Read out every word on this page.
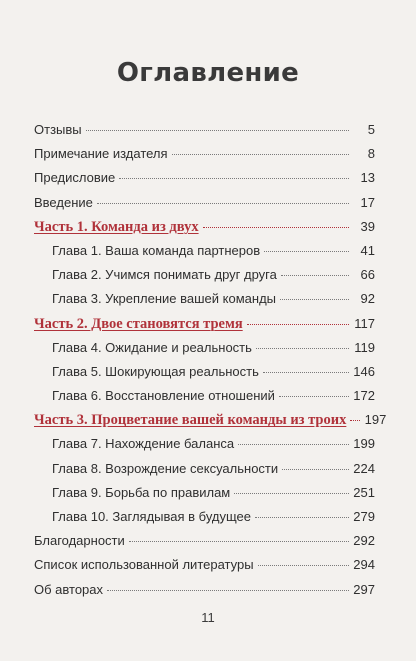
Оглавление
Отзывы	5
Примечание издателя	8
Предисловие	13
Введение	17
Часть 1. Команда из двух	39
Глава 1. Ваша команда партнеров	41
Глава 2. Учимся понимать друг друга	66
Глава 3. Укрепление вашей команды	92
Часть 2. Двое становятся тремя	117
Глава 4. Ожидание и реальность	119
Глава 5. Шокирующая реальность	146
Глава 6. Восстановление отношений	172
Часть 3. Процветание вашей команды из троих 197
Глава 7. Нахождение баланса	199
Глава 8. Возрождение сексуальности	224
Глава 9. Борьба по правилам	251
Глава 10. Заглядывая в будущее	279
Благодарности	292
Список использованной литературы	294
Об авторах	297
11
